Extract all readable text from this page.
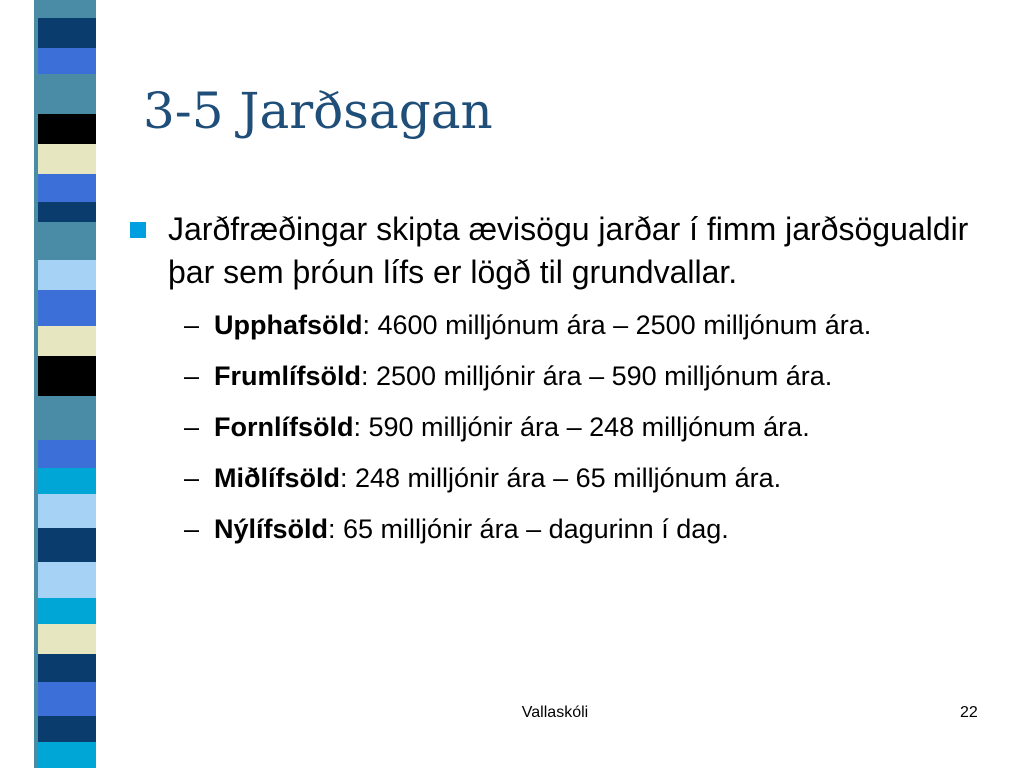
3-5 Jarðsagan
Jarðfræðingar skipta ævisögu jarðar í fimm jarðsögualdir þar sem þróun lífs er lögð til grundvallar.
– Upphafsöld: 4600 milljónum ára – 2500 milljónum ára.
– Frumlífsöld: 2500 milljónir ára – 590 milljónum ára.
– Fornlífsöld: 590 milljónir ára – 248 milljónum ára.
– Miðlífsöld: 248 milljónir ára – 65 milljónum ára.
– Nýlífsöld: 65 milljónir ára – dagurinn í dag.
Vallaskóli	22
